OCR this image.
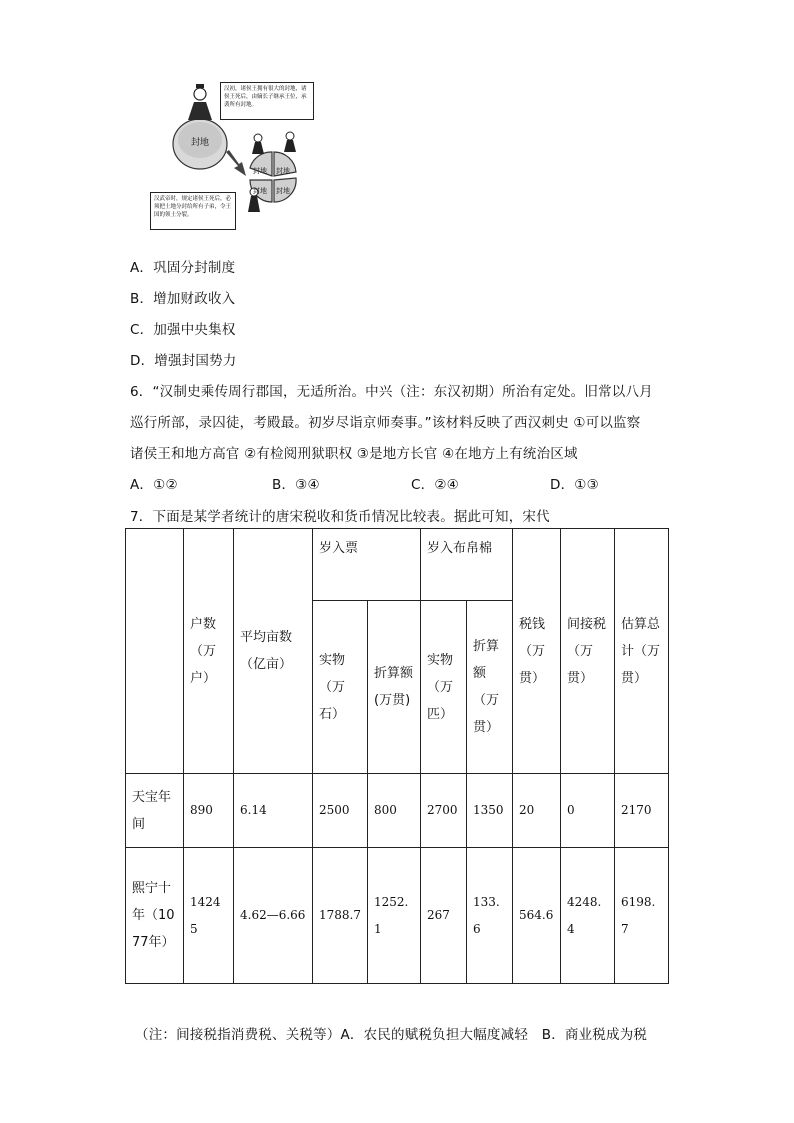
封地
封地 封地
封地 封地
汉初，诸侯王拥有很大的封地，诸侯王死后，由嫡长子继承王位，承袭所有封地。
汉武帝时，规定诸侯王死后，必须把土地分封给所有子弟，令王国的领土分裂。
A．巩固分封制度
B．增加财政收入
C．加强中央集权
D．增强封国势力
6．“汉制史乘传周行郡国，无适所治。中兴（注：东汉初期）所治有定处。旧常以八月
巡行所部，录囚徒，考殿最。初岁尽诣京师奏事。”该材料反映了西汉刺史 ①可以监察
诸侯王和地方高官 ②有检阅刑狱职权 ③是地方长官 ④在地方上有统治区域
A．①②	B．③④	C．②④	D．①③
7．下面是某学者统计的唐宋税收和货币情况比较表。据此可知，宋代
	户数（万户）	平均亩数（亿亩）	岁入票		岁入布帛棉		税钱（万贯）	间接税（万贯）	估算总计（万贯）
			实物（万石）	折算额(万贯)	实物（万匹）	折算额（万贯）			
天宝年间	890	6.14	2500	800	2700	1350	20	0	2170
熙宁十年（1077年）	14245	4.62—6.66	1788.7	1252.1	267	133.6	564.6	4248.4	6198.7
（注：间接税指消费税、关税等）A．农民的赋税负担大幅度减轻　B．商业税成为税
